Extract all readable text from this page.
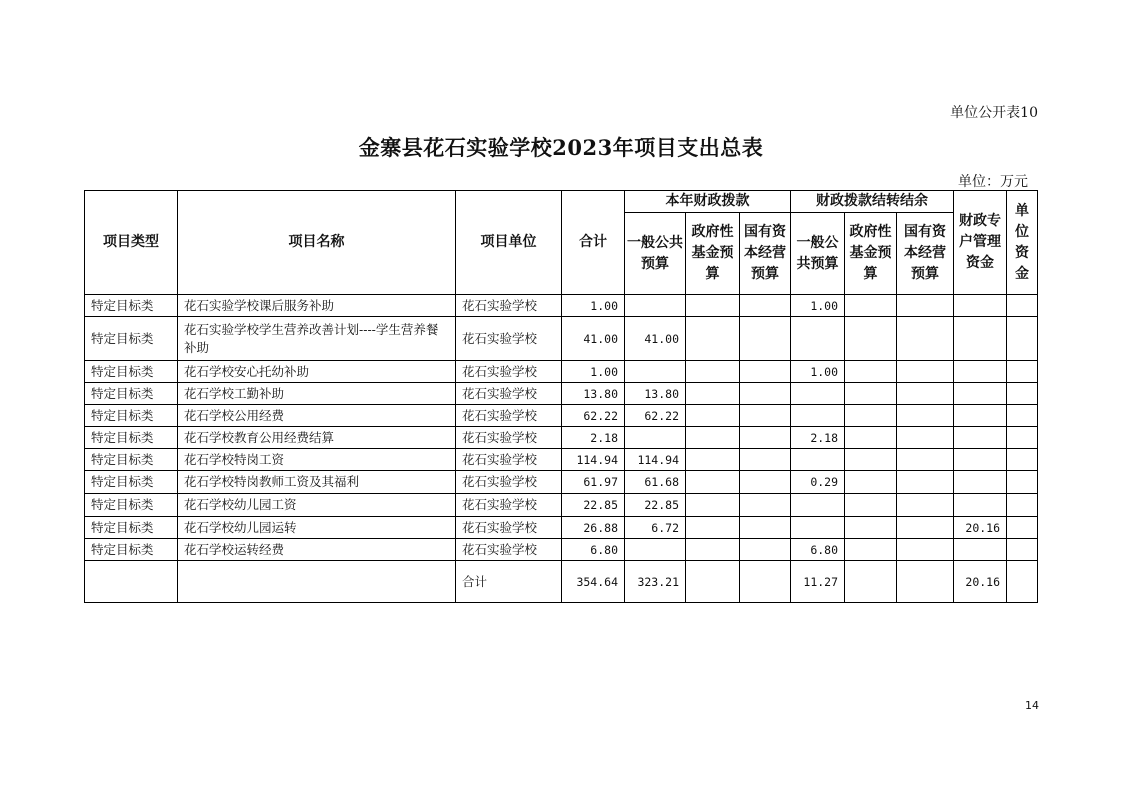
单位公开表10
金寨县花石实验学校2023年项目支出总表
单位：万元
项目类型	项目名称	项目单位	合计	本年财政拨款			财政拨款结转结余			财政专户管理资金	单位资金
				一般公共预算	政府性基金预算	国有资本经营预算	一般公共预算	政府性基金预算	国有资本经营预算		
特定目标类	花石实验学校课后服务补助	花石实验学校	1.00				1.00				
特定目标类	花石实验学校学生营养改善计划----学生营养餐补助	花石实验学校	41.00	41.00							
特定目标类	花石学校安心托幼补助	花石实验学校	1.00				1.00				
特定目标类	花石学校工勤补助	花石实验学校	13.80	13.80							
特定目标类	花石学校公用经费	花石实验学校	62.22	62.22							
特定目标类	花石学校教育公用经费结算	花石实验学校	2.18				2.18				
特定目标类	花石学校特岗工资	花石实验学校	114.94	114.94							
特定目标类	花石学校特岗教师工资及其福利	花石实验学校	61.97	61.68			0.29				
特定目标类	花石学校幼儿园工资	花石实验学校	22.85	22.85							
特定目标类	花石学校幼儿园运转	花石实验学校	26.88	6.72						20.16	
特定目标类	花石学校运转经费	花石实验学校	6.80				6.80				
		合计	354.64	323.21			11.27			20.16	
14
